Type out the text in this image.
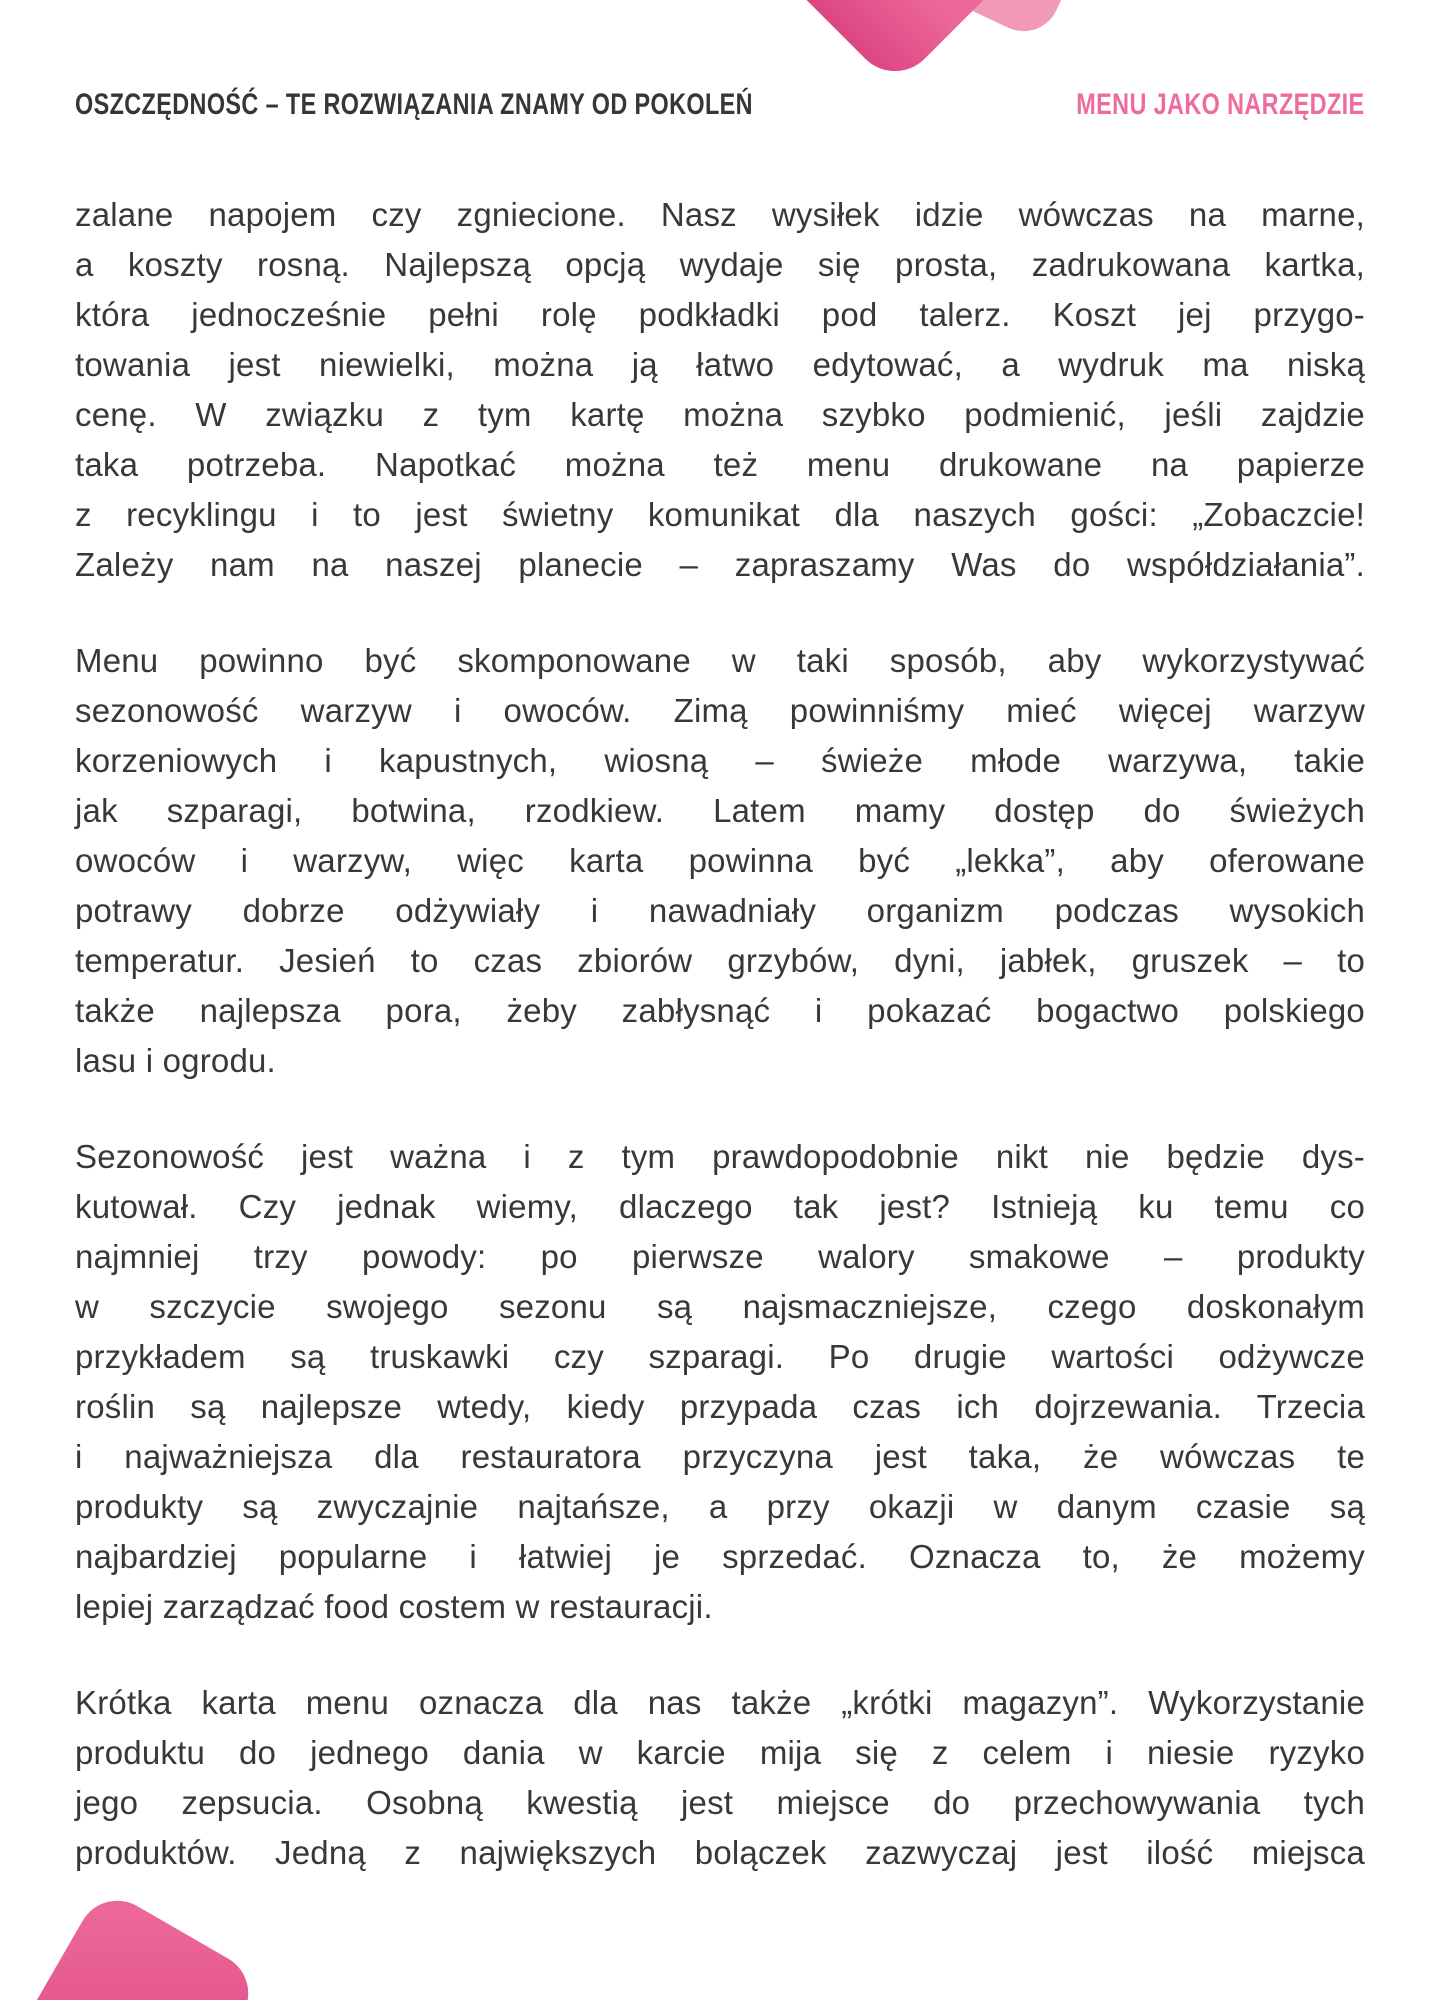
OSZCZĘDNOŚĆ – TE ROZWIĄZANIA ZNAMY OD POKOLEŃ	MENU JAKO NARZĘDZIE
zalane napojem czy zgniecione. Nasz wysiłek idzie wówczas na marne,
a koszty rosną. Najlepszą opcją wydaje się prosta, zadrukowana kartka,
która jednocześnie pełni rolę podkładki pod talerz. Koszt jej przygo-
towania jest niewielki, można ją łatwo edytować, a wydruk ma niską
cenę. W związku z tym kartę można szybko podmienić, jeśli zajdzie
taka potrzeba. Napotkać można też menu drukowane na papierze
z recyklingu i to jest świetny komunikat dla naszych gości: „Zobaczcie!
Zależy nam na naszej planecie – zapraszamy Was do współdziałania”.
Menu powinno być skomponowane w taki sposób, aby wykorzystywać
sezonowość warzyw i owoców. Zimą powinniśmy mieć więcej warzyw
korzeniowych i kapustnych, wiosną – świeże młode warzywa, takie
jak szparagi, botwina, rzodkiew. Latem mamy dostęp do świeżych
owoców i warzyw, więc karta powinna być „lekka”, aby oferowane
potrawy dobrze odżywiały i nawadniały organizm podczas wysokich
temperatur. Jesień to czas zbiorów grzybów, dyni, jabłek, gruszek – to
także najlepsza pora, żeby zabłysnąć i pokazać bogactwo polskiego
lasu i ogrodu.
Sezonowość jest ważna i z tym prawdopodobnie nikt nie będzie dys-
kutował. Czy jednak wiemy, dlaczego tak jest? Istnieją ku temu co
najmniej trzy powody: po pierwsze walory smakowe – produkty
w szczycie swojego sezonu są najsmaczniejsze, czego doskonałym
przykładem są truskawki czy szparagi. Po drugie wartości odżywcze
roślin są najlepsze wtedy, kiedy przypada czas ich dojrzewania. Trzecia
i najważniejsza dla restauratora przyczyna jest taka, że wówczas te
produkty są zwyczajnie najtańsze, a przy okazji w danym czasie są
najbardziej popularne i łatwiej je sprzedać. Oznacza to, że możemy
lepiej zarządzać food costem w restauracji.
Krótka karta menu oznacza dla nas także „krótki magazyn”. Wykorzystanie
produktu do jednego dania w karcie mija się z celem i niesie ryzyko
jego zepsucia. Osobną kwestią jest miejsce do przechowywania tych
produktów. Jedną z największych bolączek zazwyczaj jest ilość miejsca
